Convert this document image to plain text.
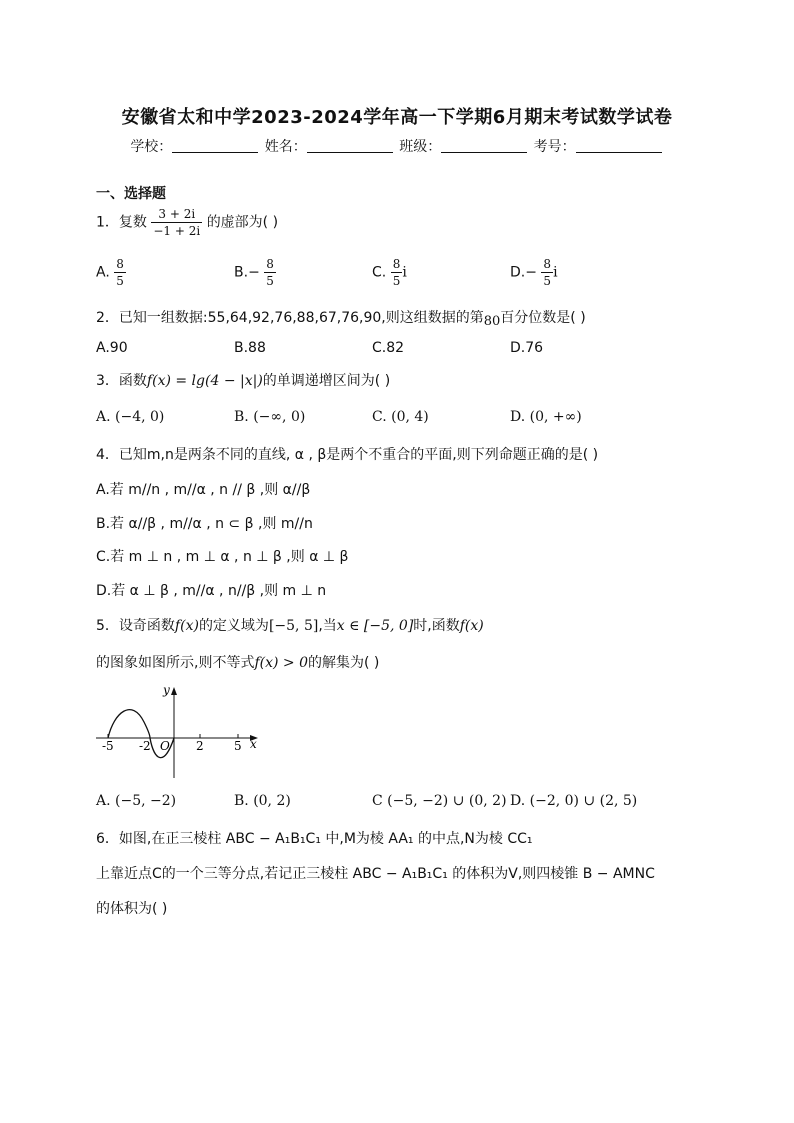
安徽省太和中学2023-2024学年高一下学期6月期末考试数学试卷
学校：	姓名：	班级：	考号：
一、选择题
1．复数 $\frac{3 + 2i}{-1 + 2i}$ 的虚部为( )
A. $\frac{8}{5}$	$B.- \frac{8}{5}$	C. $\frac{8}{5}$ i	$D.- \frac{8}{5}$ i
2．已知一组数据:55,64,92,76,88,67,76,90,则这组数据的第80百分位数是( )
A.90	B.88	C.82	D.76
3．函数f(x) = lg(4 − |x|)的单调递增区间为( )
A. (−4, 0)	B. (−∞, 0)	C. (0, 4)	D. (0, +∞)
4．已知m,n是两条不同的直线, α , β是两个不重合的平面,则下列命题正确的是( )
A.若 m//n , m//α , n // β ,则 α//β
B.若 α//β , m//α , n ⊂ β ,则 m//n
C.若 m ⊥ n , m ⊥ α , n ⊥ β ,则 α ⊥ β
D.若 α ⊥ β , m//α , n//β ,则 m ⊥ n
5．设奇函数f(x)的定义域为[−5, 5],当x ∈ [−5, 0]时,函数f(x)
的图象如图所示,则不等式f(x) > 0的解集为( )
-5 -2 O 2	5 x
y
A. (−5, −2)	B. (0, 2)	C (−5, −2) ∪ (0, 2) D. (−2, 0) ∪ (2, 5)
6．如图,在正三棱柱 ABC − A₁B₁C₁ 中,M为棱 AA₁ 的中点,N为棱 CC₁
上靠近点C的一个三等分点,若记正三棱柱 ABC − A₁B₁C₁ 的体积为V,则四棱锥 B − AMNC
的体积为( )
